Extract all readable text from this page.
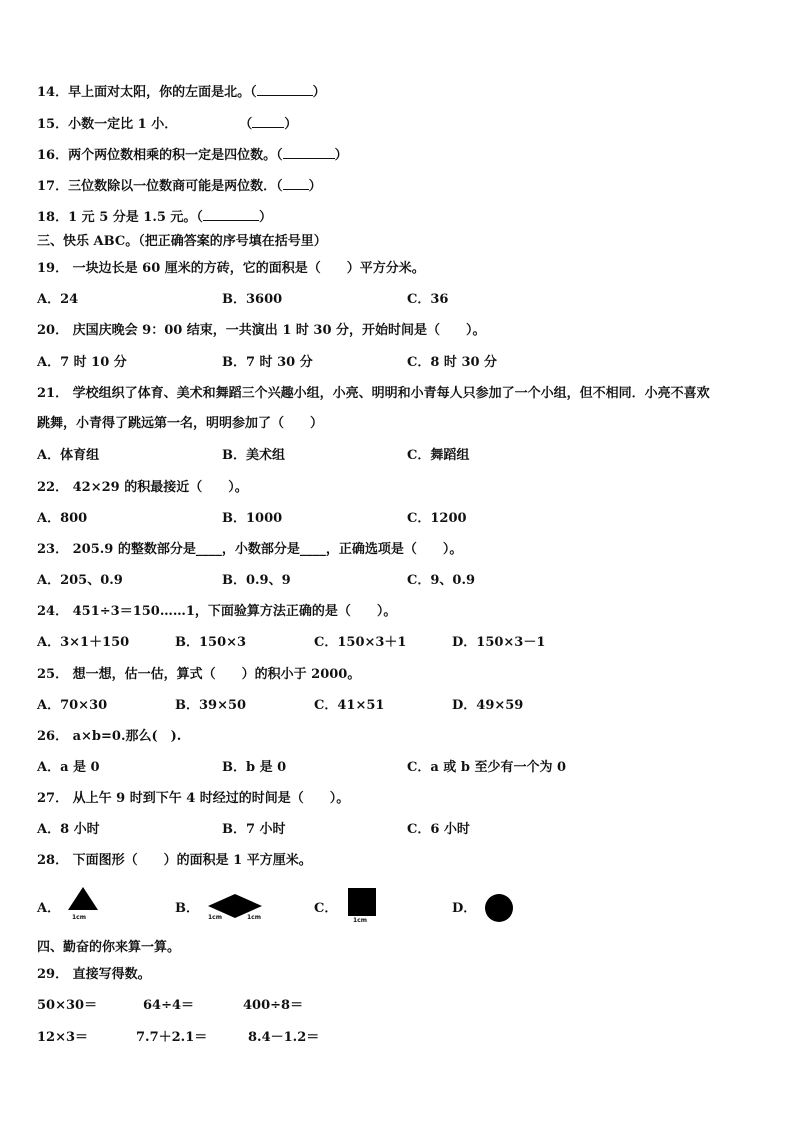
14．早上面对太阳，你的左面是北。（	）
15．小数一定比 1 小．	（ ）
16．两个两位数相乘的积一定是四位数。（	）
17．三位数除以一位数商可能是两位数．（ ）
18．1 元 5 分是 1.5 元。（	）
三、快乐 ABC。（把正确答案的序号填在括号里）
19． 一块边长是 60 厘米的方砖，它的面积是（　　）平方分米。
A．24	B．3600	C．36
20． 庆国庆晚会 9：00 结束，一共演出 1 时 30 分，开始时间是（　　）。
A．7 时 10 分	B．7 时 30 分	C．8 时 30 分
21． 学校组织了体育、美术和舞蹈三个兴趣小组，小亮、明明和小青每人只参加了一个小组，但不相同．小亮不喜欢
跳舞，小青得了跳远第一名，明明参加了（　　）
A．体育组	B．美术组	C．舞蹈组
22． 42×29 的积最接近（　　）。
A．800	B．1000	C．1200
23． 205.9 的整数部分是____，小数部分是____，正确选项是（　　）。
A．205、0.9	B．0.9、9	C．9、0.9
24． 451÷3＝150……1，下面验算方法正确的是（　　）。
A．3×1＋150	B．150×3	C．150×3＋1	D．150×3－1
25． 想一想，估一估，算式（　　）的积小于 2000。
A．70×30	B．39×50	C．41×51	D．49×59
26． a×b=0.那么(　).
A．a 是 0	B．b 是 0	C．a 或 b 至少有一个为 0
27． 从上午 9 时到下午 4 时经过的时间是（　　）。
A．8 小时	B．7 小时	C．6 小时
28． 下面图形（　　）的面积是 1 平方厘米。
A．
1cm
B．
1cm	1cm
C．
1cm
D．
四、勤奋的你来算一算。
29． 直接写得数。
50×30＝	64÷4＝	400÷8＝
12×3＝	7.7＋2.1＝	8.4－1.2＝
